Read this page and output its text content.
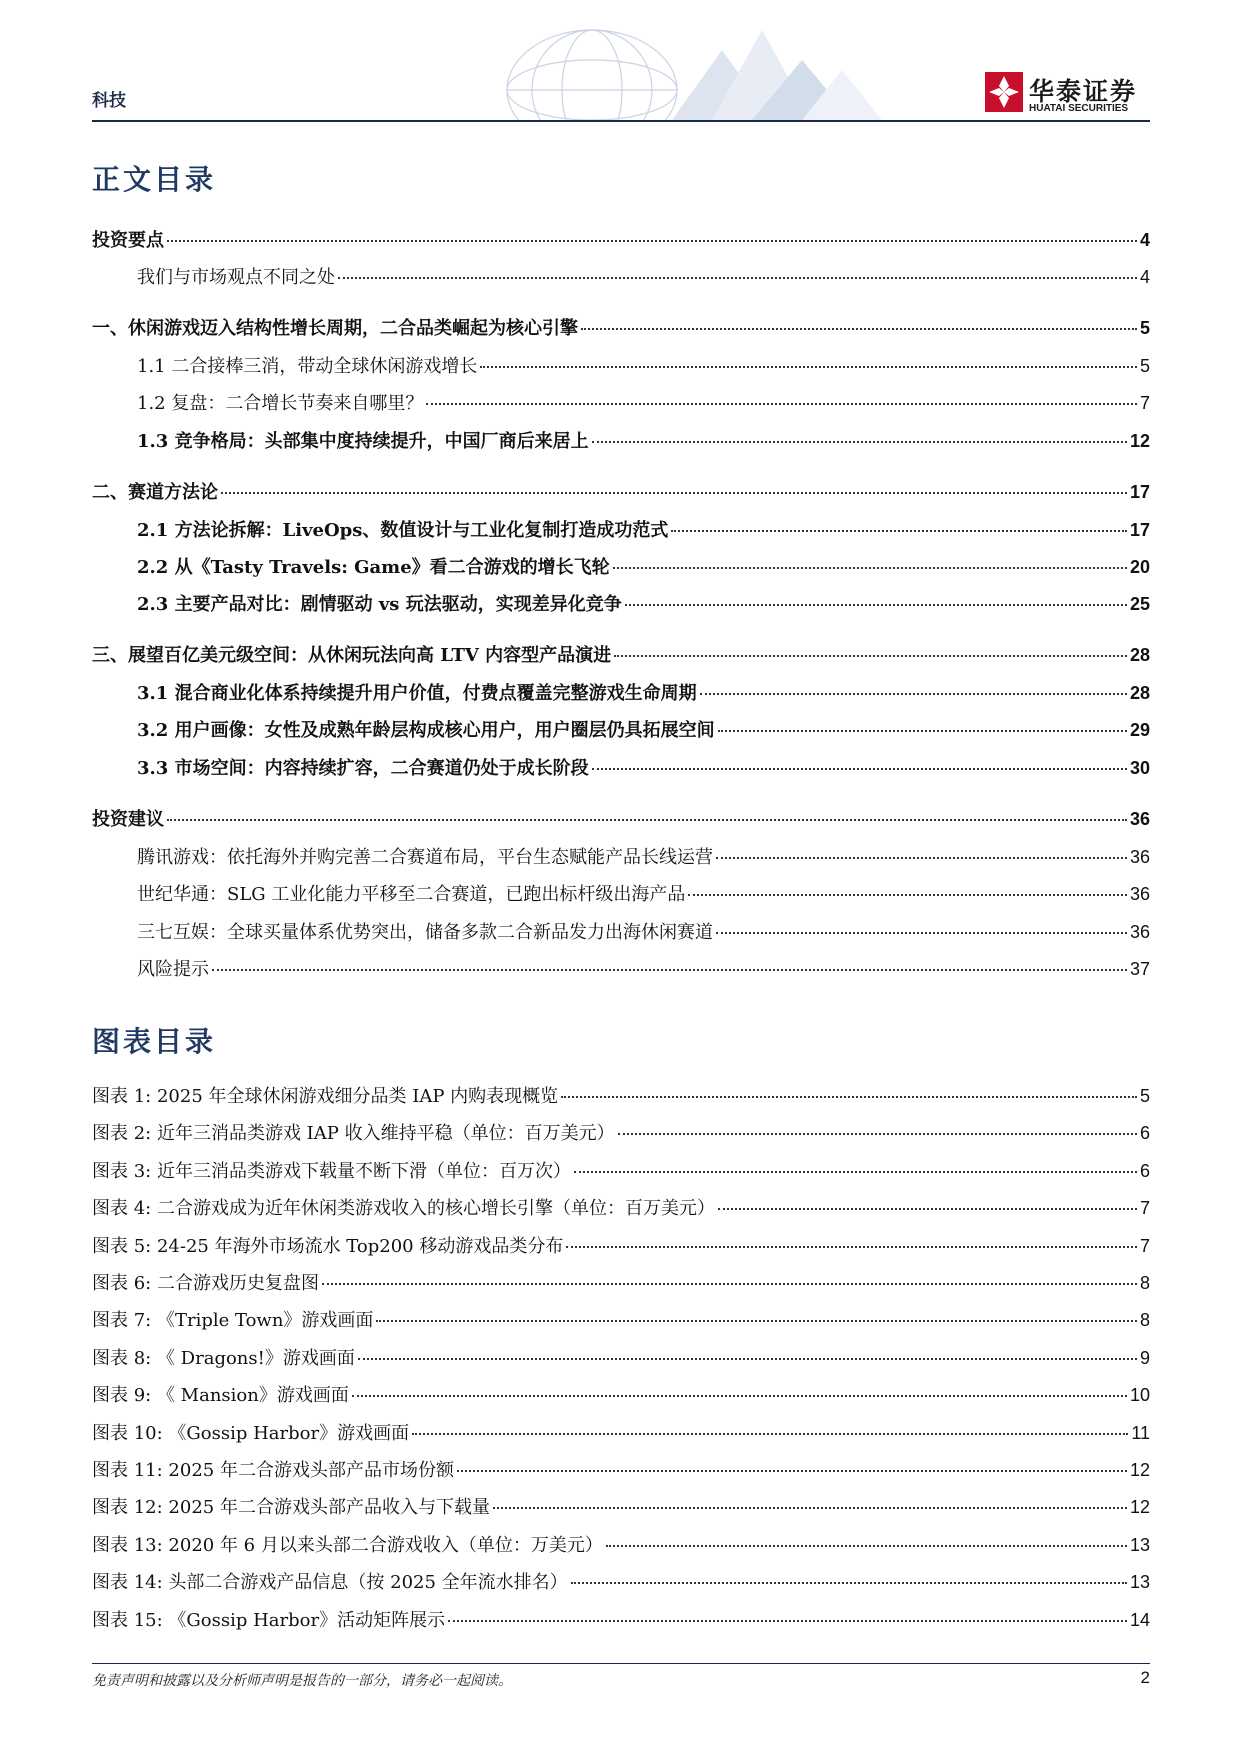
科技	华泰证券
HUATAI SECURITIES
正文目录
投资要点	4
我们与市场观点不同之处	4
一、休闲游戏迈入结构性增长周期，二合品类崛起为核心引擎	5
1.1 二合接棒三消，带动全球休闲游戏增长	5
1.2 复盘：二合增长节奏来自哪里？	7
1.3 竞争格局：头部集中度持续提升，中国厂商后来居上	12
二、赛道方法论	17
2.1 方法论拆解：LiveOps、数值设计与工业化复制打造成功范式	17
2.2 从《Tasty Travels: Game》看二合游戏的增长飞轮	20
2.3 主要产品对比：剧情驱动 vs 玩法驱动，实现差异化竞争	25
三、展望百亿美元级空间：从休闲玩法向高 LTV 内容型产品演进	28
3.1 混合商业化体系持续提升用户价值，付费点覆盖完整游戏生命周期	28
3.2 用户画像：女性及成熟年龄层构成核心用户，用户圈层仍具拓展空间	29
3.3 市场空间：内容持续扩容，二合赛道仍处于成长阶段	30
投资建议	36
腾讯游戏：依托海外并购完善二合赛道布局，平台生态赋能产品长线运营	36
世纪华通：SLG 工业化能力平移至二合赛道，已跑出标杆级出海产品	36
三七互娱：全球买量体系优势突出，储备多款二合新品发力出海休闲赛道	36
风险提示	37
图表目录
图表 1: 2025 年全球休闲游戏细分品类 IAP 内购表现概览	5
图表 2: 近年三消品类游戏 IAP 收入维持平稳（单位：百万美元）	6
图表 3: 近年三消品类游戏下载量不断下滑（单位：百万次）	6
图表 4: 二合游戏成为近年休闲类游戏收入的核心增长引擎（单位：百万美元）	7
图表 5: 24-25 年海外市场流水 Top200 移动游戏品类分布	7
图表 6: 二合游戏历史复盘图	8
图表 7: 《Triple Town》游戏画面	8
图表 8: 《 Dragons!》游戏画面	9
图表 9: 《 Mansion》游戏画面	10
图表 10: 《Gossip Harbor》游戏画面	11
图表 11: 2025 年二合游戏头部产品市场份额	12
图表 12: 2025 年二合游戏头部产品收入与下载量	12
图表 13: 2020 年 6 月以来头部二合游戏收入（单位：万美元）	13
图表 14: 头部二合游戏产品信息（按 2025 全年流水排名）	13
图表 15: 《Gossip Harbor》活动矩阵展示	14
免责声明和披露以及分析师声明是报告的一部分，请务必一起阅读。	2
